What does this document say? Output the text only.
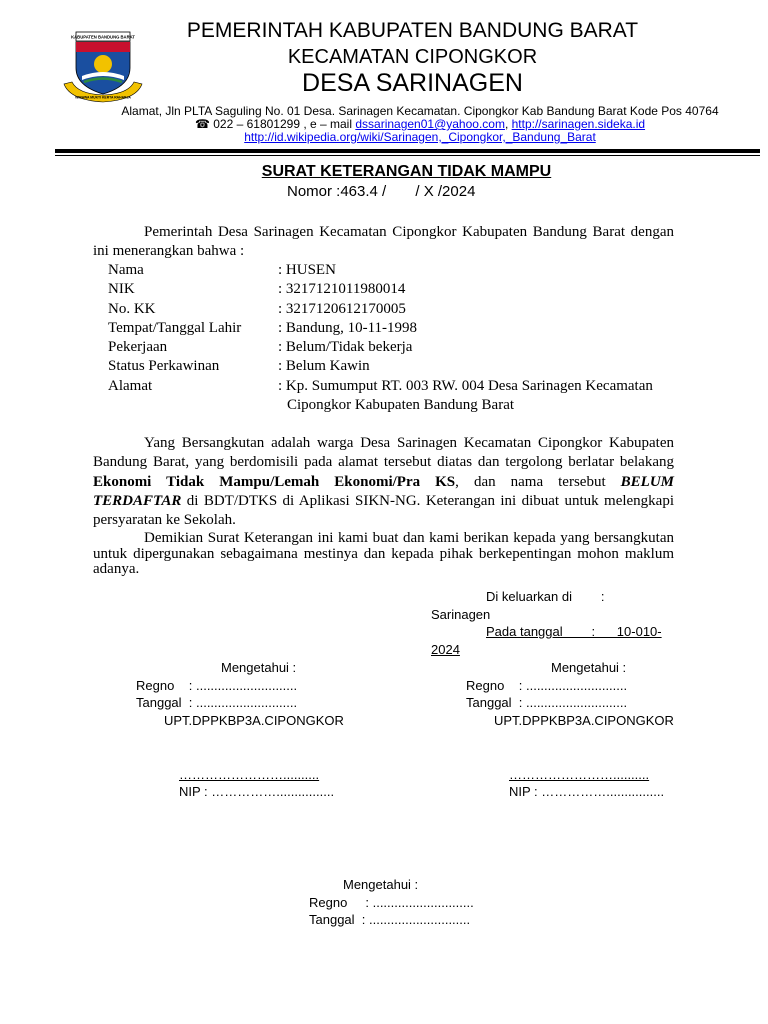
KABUPATEN BANDUNG BARAT
WIBAWA MUKTI KERTA RAHARJA
PEMERINTAH KABUPATEN BANDUNG BARAT
KECAMATAN CIPONGKOR
DESA SARINAGEN
Alamat, Jln PLTA Saguling No. 01 Desa. Sarinagen Kecamatan. Cipongkor Kab Bandung Barat Kode Pos 40764
☎ 022 – 61801299 , e – mail dssarinagen01@yahoo.com, http://sarinagen.sideka.id
http://id.wikipedia.org/wiki/Sarinagen,_Cipongkor,_Bandung_Barat
SURAT KETERANGAN TIDAK MAMPU
Nomor :463.4 /       / X /2024
Pemerintah Desa Sarinagen Kecamatan Cipongkor Kabupaten Bandung Barat dengan ini menerangkan bahwa :
Nama	: HUSEN
NIK	: 3217121011980014
No. KK	: 3217120612170005
Tempat/Tanggal Lahir : Bandung, 10-11-1998
Pekerjaan	: Belum/Tidak bekerja
Status Perkawinan	: Belum Kawin
Alamat	: Kp. Sumumput RT. 003 RW. 004 Desa Sarinagen Kecamatan
Cipongkor Kabupaten Bandung Barat
Yang Bersangkutan adalah warga Desa Sarinagen Kecamatan Cipongkor Kabupaten Bandung Barat, yang berdomisili pada alamat tersebut diatas dan tergolong berlatar belakang Ekonomi Tidak Mampu/Lemah Ekonomi/Pra KS, dan nama tersebut BELUM TERDAFTAR di BDT/DTKS di Aplikasi SIKN-NG. Keterangan ini dibuat untuk melengkapi persyaratan ke Sekolah.
Demikian Surat Keterangan ini kami buat dan kami berikan kepada yang bersangkutan untuk dipergunakan sebagaimana mestinya dan kepada pihak berkepentingan mohon maklum adanya.
Di keluarkan di        :
Sarinagen
Pada tanggal        :      10-010-
2024
Mengetahui :
Regno    : ............................
Tanggal  : ............................
UPT.DPPKBP3A.CIPONGKOR
……………………..........
NIP : ……………................
Mengetahui :
Regno    : ............................
Tanggal  : ............................
UPT.DPPKBP3A.CIPONGKOR
……………………..........
NIP : ……………................
Mengetahui :
Regno     : ............................
Tanggal  : ............................
